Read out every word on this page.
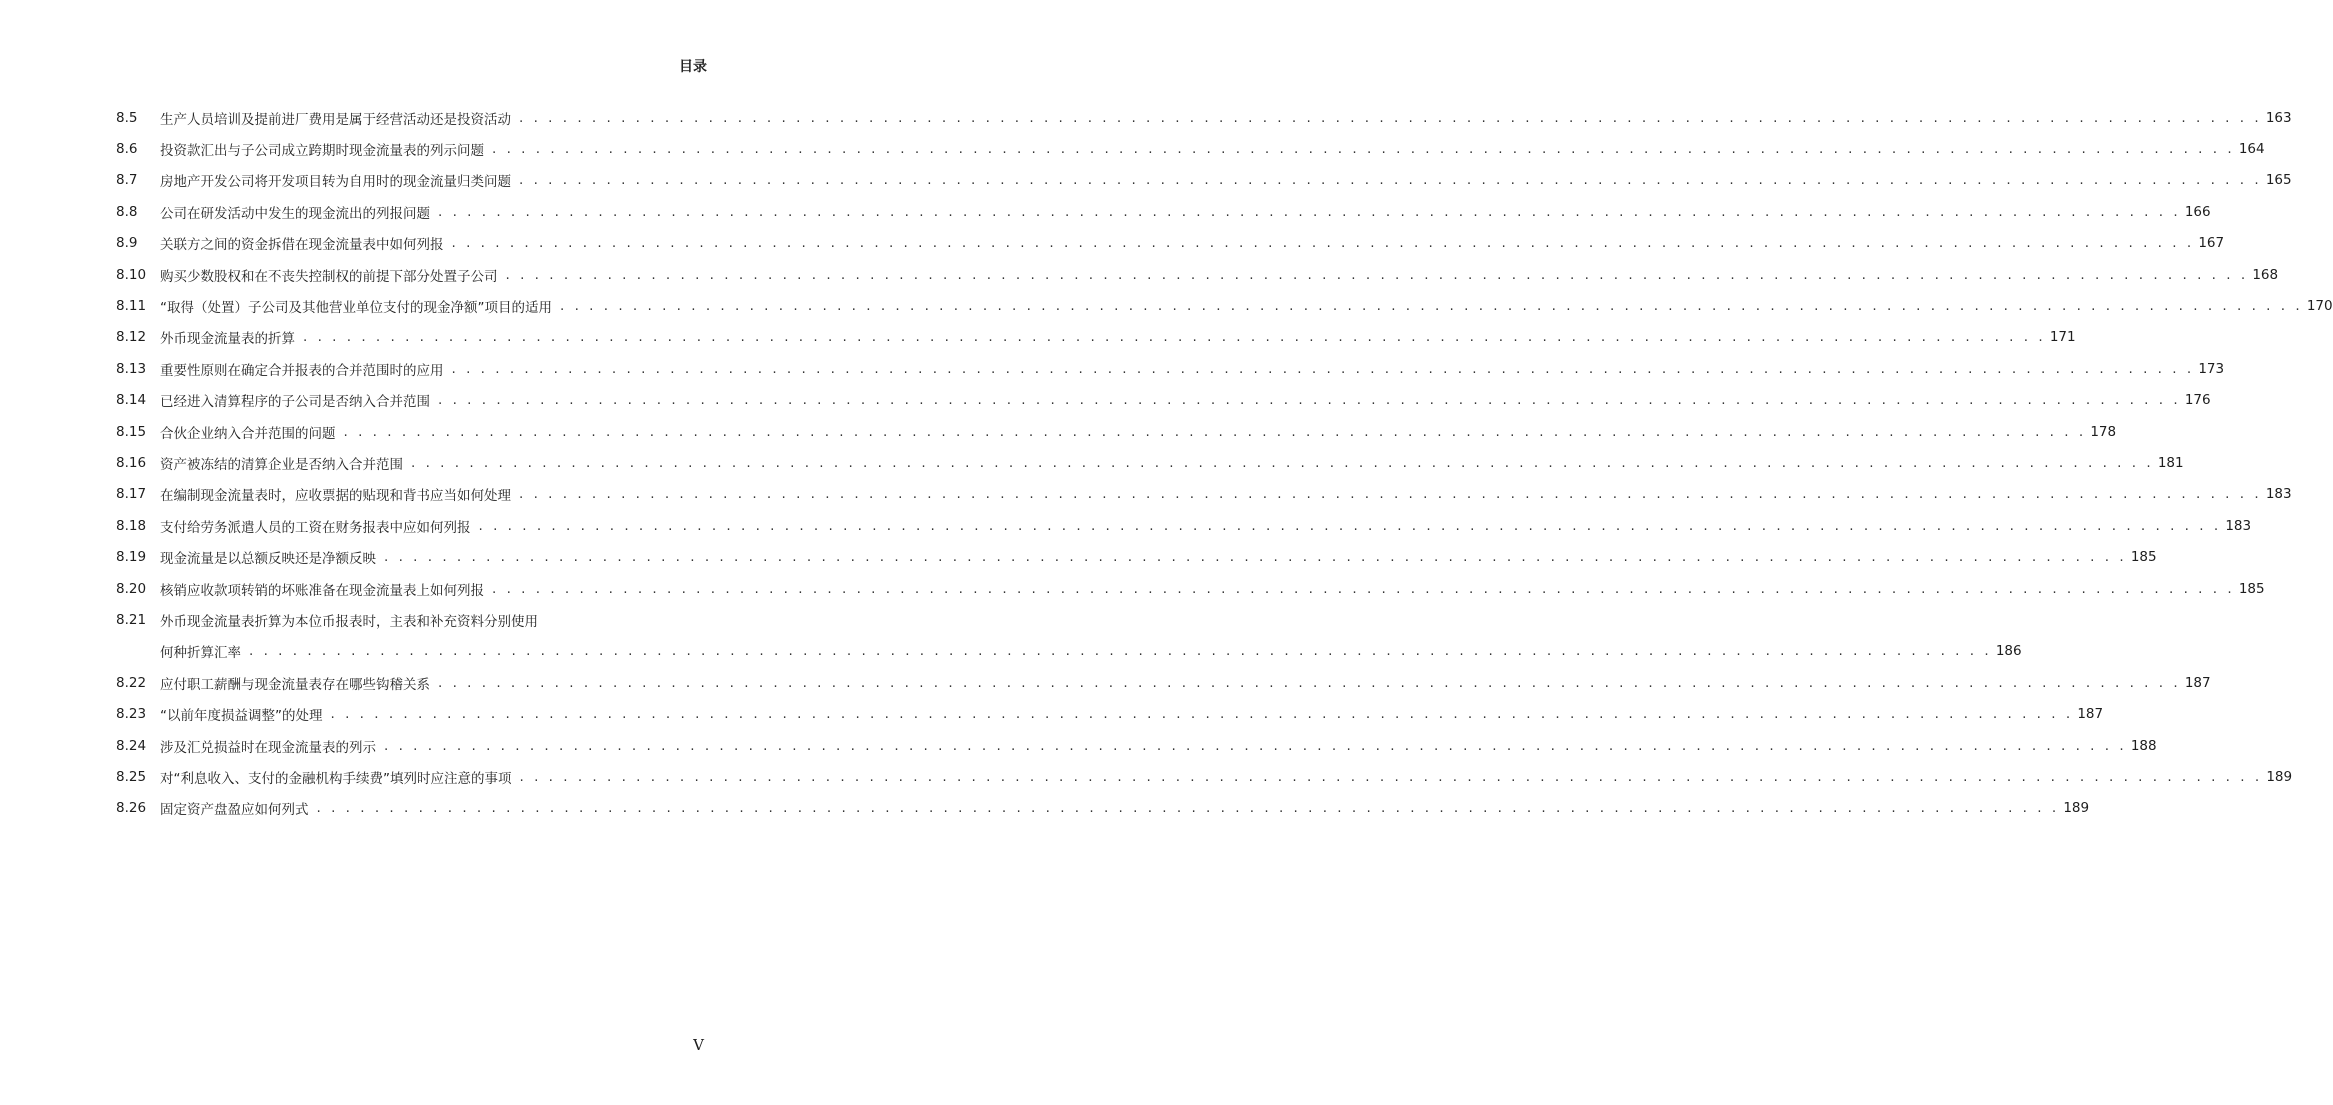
目录
8.5	生产人员培训及提前进厂费用是属于经营活动还是投资活动 . . . . . . . . . . . . . . . . . . . . . . . . . . . . . . . . . . . . . . . . . . . . . . . . . . . . . . . . . . . . . . . . . . . . . . . . . . . . . . . . . . . . . . . . . . . . . . . . . . . . . . . . . . . . . . . . . . . . . . . . 163
8.6	投资款汇出与子公司成立跨期时现金流量表的列示问题 . . . . . . . . . . . . . . . . . . . . . . . . . . . . . . . . . . . . . . . . . . . . . . . . . . . . . . . . . . . . . . . . . . . . . . . . . . . . . . . . . . . . . . . . . . . . . . . . . . . . . . . . . . . . . . . . . . . . . . . . 164
8.7	房地产开发公司将开发项目转为自用时的现金流量归类问题 . . . . . . . . . . . . . . . . . . . . . . . . . . . . . . . . . . . . . . . . . . . . . . . . . . . . . . . . . . . . . . . . . . . . . . . . . . . . . . . . . . . . . . . . . . . . . . . . . . . . . . . . . . . . . . . . . . . . . . . . 165
8.8	公司在研发活动中发生的现金流出的列报问题 . . . . . . . . . . . . . . . . . . . . . . . . . . . . . . . . . . . . . . . . . . . . . . . . . . . . . . . . . . . . . . . . . . . . . . . . . . . . . . . . . . . . . . . . . . . . . . . . . . . . . . . . . . . . . . . . . . . . . . . . 166
8.9	关联方之间的资金拆借在现金流量表中如何列报 . . . . . . . . . . . . . . . . . . . . . . . . . . . . . . . . . . . . . . . . . . . . . . . . . . . . . . . . . . . . . . . . . . . . . . . . . . . . . . . . . . . . . . . . . . . . . . . . . . . . . . . . . . . . . . . . . . . . . . . . 167
8.10	购买少数股权和在不丧失控制权的前提下部分处置子公司 . . . . . . . . . . . . . . . . . . . . . . . . . . . . . . . . . . . . . . . . . . . . . . . . . . . . . . . . . . . . . . . . . . . . . . . . . . . . . . . . . . . . . . . . . . . . . . . . . . . . . . . . . . . . . . . . . . . . . . . . 168
8.11	“取得（处置）子公司及其他营业单位支付的现金净额”项目的适用 . . . . . . . . . . . . . . . . . . . . . . . . . . . . . . . . . . . . . . . . . . . . . . . . . . . . . . . . . . . . . . . . . . . . . . . . . . . . . . . . . . . . . . . . . . . . . . . . . . . . . . . . . . . . . . . . . . . . . . . . 170
8.12	外币现金流量表的折算 . . . . . . . . . . . . . . . . . . . . . . . . . . . . . . . . . . . . . . . . . . . . . . . . . . . . . . . . . . . . . . . . . . . . . . . . . . . . . . . . . . . . . . . . . . . . . . . . . . . . . . . . . . . . . . . . . . . . . . . . 171
8.13	重要性原则在确定合并报表的合并范围时的应用 . . . . . . . . . . . . . . . . . . . . . . . . . . . . . . . . . . . . . . . . . . . . . . . . . . . . . . . . . . . . . . . . . . . . . . . . . . . . . . . . . . . . . . . . . . . . . . . . . . . . . . . . . . . . . . . . . . . . . . . . 173
8.14	已经进入清算程序的子公司是否纳入合并范围 . . . . . . . . . . . . . . . . . . . . . . . . . . . . . . . . . . . . . . . . . . . . . . . . . . . . . . . . . . . . . . . . . . . . . . . . . . . . . . . . . . . . . . . . . . . . . . . . . . . . . . . . . . . . . . . . . . . . . . . . 176
8.15	合伙企业纳入合并范围的问题 . . . . . . . . . . . . . . . . . . . . . . . . . . . . . . . . . . . . . . . . . . . . . . . . . . . . . . . . . . . . . . . . . . . . . . . . . . . . . . . . . . . . . . . . . . . . . . . . . . . . . . . . . . . . . . . . . . . . . . . . 178
8.16	资产被冻结的清算企业是否纳入合并范围 . . . . . . . . . . . . . . . . . . . . . . . . . . . . . . . . . . . . . . . . . . . . . . . . . . . . . . . . . . . . . . . . . . . . . . . . . . . . . . . . . . . . . . . . . . . . . . . . . . . . . . . . . . . . . . . . . . . . . . . . 181
8.17	在编制现金流量表时，应收票据的贴现和背书应当如何处理 . . . . . . . . . . . . . . . . . . . . . . . . . . . . . . . . . . . . . . . . . . . . . . . . . . . . . . . . . . . . . . . . . . . . . . . . . . . . . . . . . . . . . . . . . . . . . . . . . . . . . . . . . . . . . . . . . . . . . . . . 183
8.18	支付给劳务派遣人员的工资在财务报表中应如何列报 . . . . . . . . . . . . . . . . . . . . . . . . . . . . . . . . . . . . . . . . . . . . . . . . . . . . . . . . . . . . . . . . . . . . . . . . . . . . . . . . . . . . . . . . . . . . . . . . . . . . . . . . . . . . . . . . . . . . . . . . 183
8.19	现金流量是以总额反映还是净额反映 . . . . . . . . . . . . . . . . . . . . . . . . . . . . . . . . . . . . . . . . . . . . . . . . . . . . . . . . . . . . . . . . . . . . . . . . . . . . . . . . . . . . . . . . . . . . . . . . . . . . . . . . . . . . . . . . . . . . . . . . 185
8.20	核销应收款项转销的坏账准备在现金流量表上如何列报 . . . . . . . . . . . . . . . . . . . . . . . . . . . . . . . . . . . . . . . . . . . . . . . . . . . . . . . . . . . . . . . . . . . . . . . . . . . . . . . . . . . . . . . . . . . . . . . . . . . . . . . . . . . . . . . . . . . . . . . . 185
8.21	外币现金流量表折算为本位币报表时，主表和补充资料分别使用
何种折算汇率 . . . . . . . . . . . . . . . . . . . . . . . . . . . . . . . . . . . . . . . . . . . . . . . . . . . . . . . . . . . . . . . . . . . . . . . . . . . . . . . . . . . . . . . . . . . . . . . . . . . . . . . . . . . . . . . . . . . . . . . . 186
8.22	应付职工薪酬与现金流量表存在哪些钩稽关系 . . . . . . . . . . . . . . . . . . . . . . . . . . . . . . . . . . . . . . . . . . . . . . . . . . . . . . . . . . . . . . . . . . . . . . . . . . . . . . . . . . . . . . . . . . . . . . . . . . . . . . . . . . . . . . . . . . . . . . . . 187
8.23	“以前年度损益调整”的处理 . . . . . . . . . . . . . . . . . . . . . . . . . . . . . . . . . . . . . . . . . . . . . . . . . . . . . . . . . . . . . . . . . . . . . . . . . . . . . . . . . . . . . . . . . . . . . . . . . . . . . . . . . . . . . . . . . . . . . . . . 187
8.24	涉及汇兑损益时在现金流量表的列示 . . . . . . . . . . . . . . . . . . . . . . . . . . . . . . . . . . . . . . . . . . . . . . . . . . . . . . . . . . . . . . . . . . . . . . . . . . . . . . . . . . . . . . . . . . . . . . . . . . . . . . . . . . . . . . . . . . . . . . . . 188
8.25	对“利息收入、支付的金融机构手续费”填列时应注意的事项 . . . . . . . . . . . . . . . . . . . . . . . . . . . . . . . . . . . . . . . . . . . . . . . . . . . . . . . . . . . . . . . . . . . . . . . . . . . . . . . . . . . . . . . . . . . . . . . . . . . . . . . . . . . . . . . . . . . . . . . . 189
8.26	固定资产盘盈应如何列式 . . . . . . . . . . . . . . . . . . . . . . . . . . . . . . . . . . . . . . . . . . . . . . . . . . . . . . . . . . . . . . . . . . . . . . . . . . . . . . . . . . . . . . . . . . . . . . . . . . . . . . . . . . . . . . . . . . . . . . . . 189
V
